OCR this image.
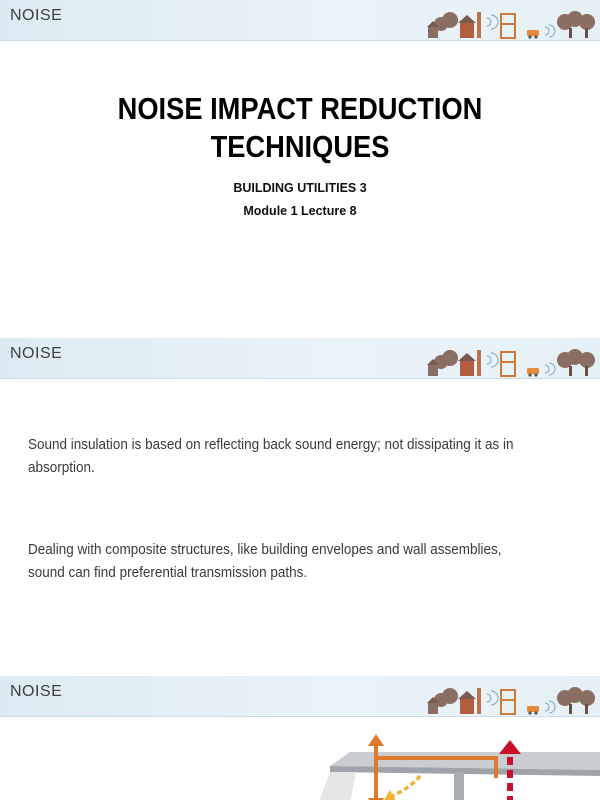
NOISE
NOISE IMPACT REDUCTION TECHNIQUES
BUILDING UTILITIES 3
Module 1 Lecture 8
NOISE
Sound insulation is based on reflecting back sound energy; not dissipating it as in absorption.
Dealing with composite structures, like building envelopes and wall assemblies, sound can find preferential transmission paths.
NOISE
